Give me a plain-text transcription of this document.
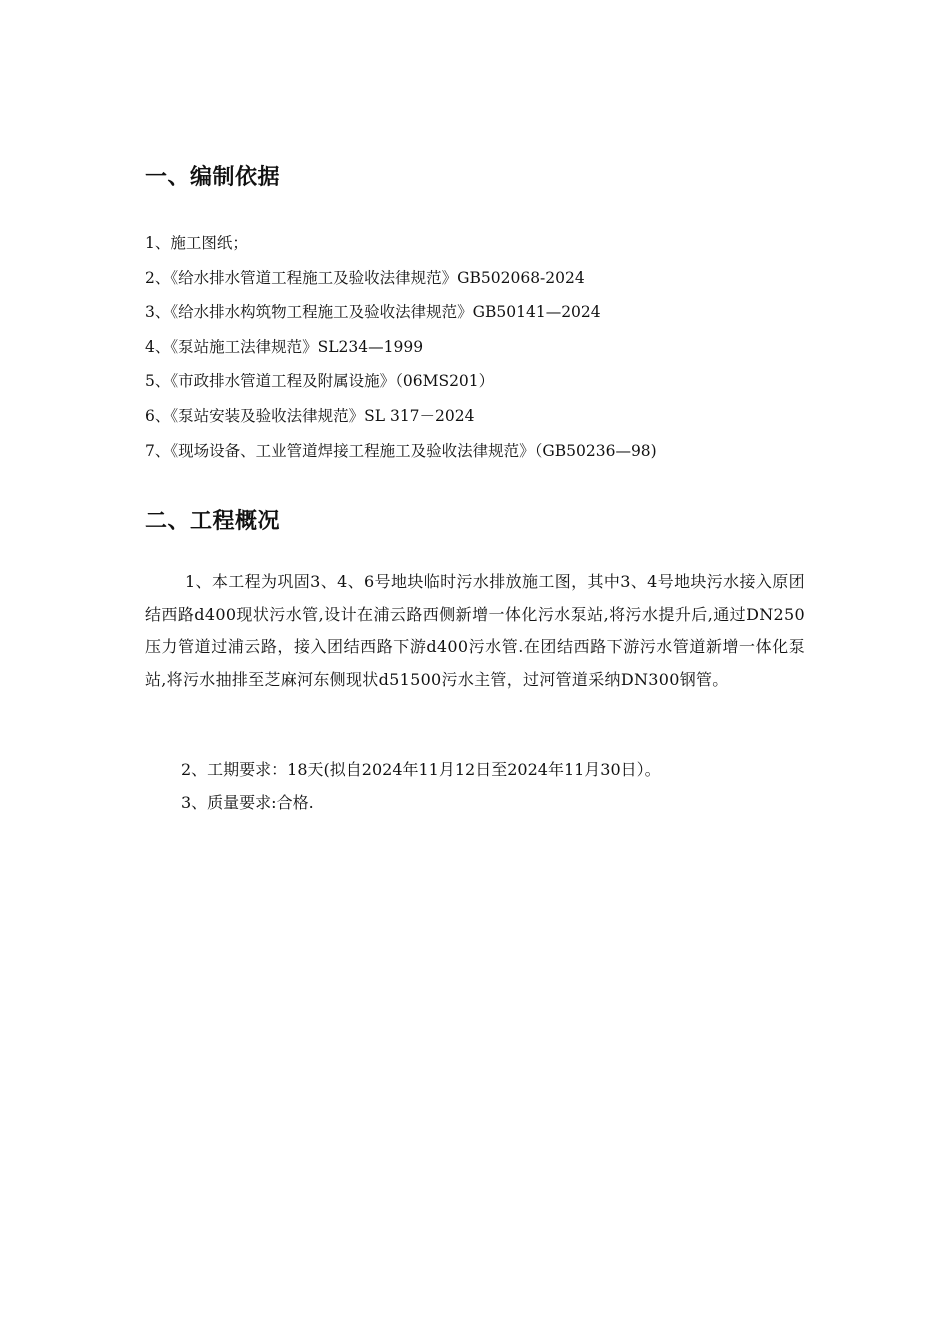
一、编制依据
1、施工图纸；
2、《给水排水管道工程施工及验收法律规范》GB502068-2024
3、《给水排水构筑物工程施工及验收法律规范》GB50141—2024
4、《泵站施工法律规范》SL234—1999
5、《市政排水管道工程及附属设施》（06MS201）
6、《泵站安装及验收法律规范》SL 317－2024
7、《现场设备、工业管道焊接工程施工及验收法律规范》（GB50236—98)
二、工程概况

1、本工程为巩固3、4、6号地块临时污水排放施工图，其中3、4号地块污水接入原团结西路d400现状污水管,设计在浦云路西侧新增一体化污水泵站,将污水提升后,通过DN250压力管道过浦云路，接入团结西路下游d400污水管.在团结西路下游污水管道新增一体化泵站,将污水抽排至芝麻河东侧现状d51500污水主管，过河管道采纳DN300钢管。

2、工期要求：18天(拟自2024年11月12日至2024年11月30日）。

3、质量要求:合格.
